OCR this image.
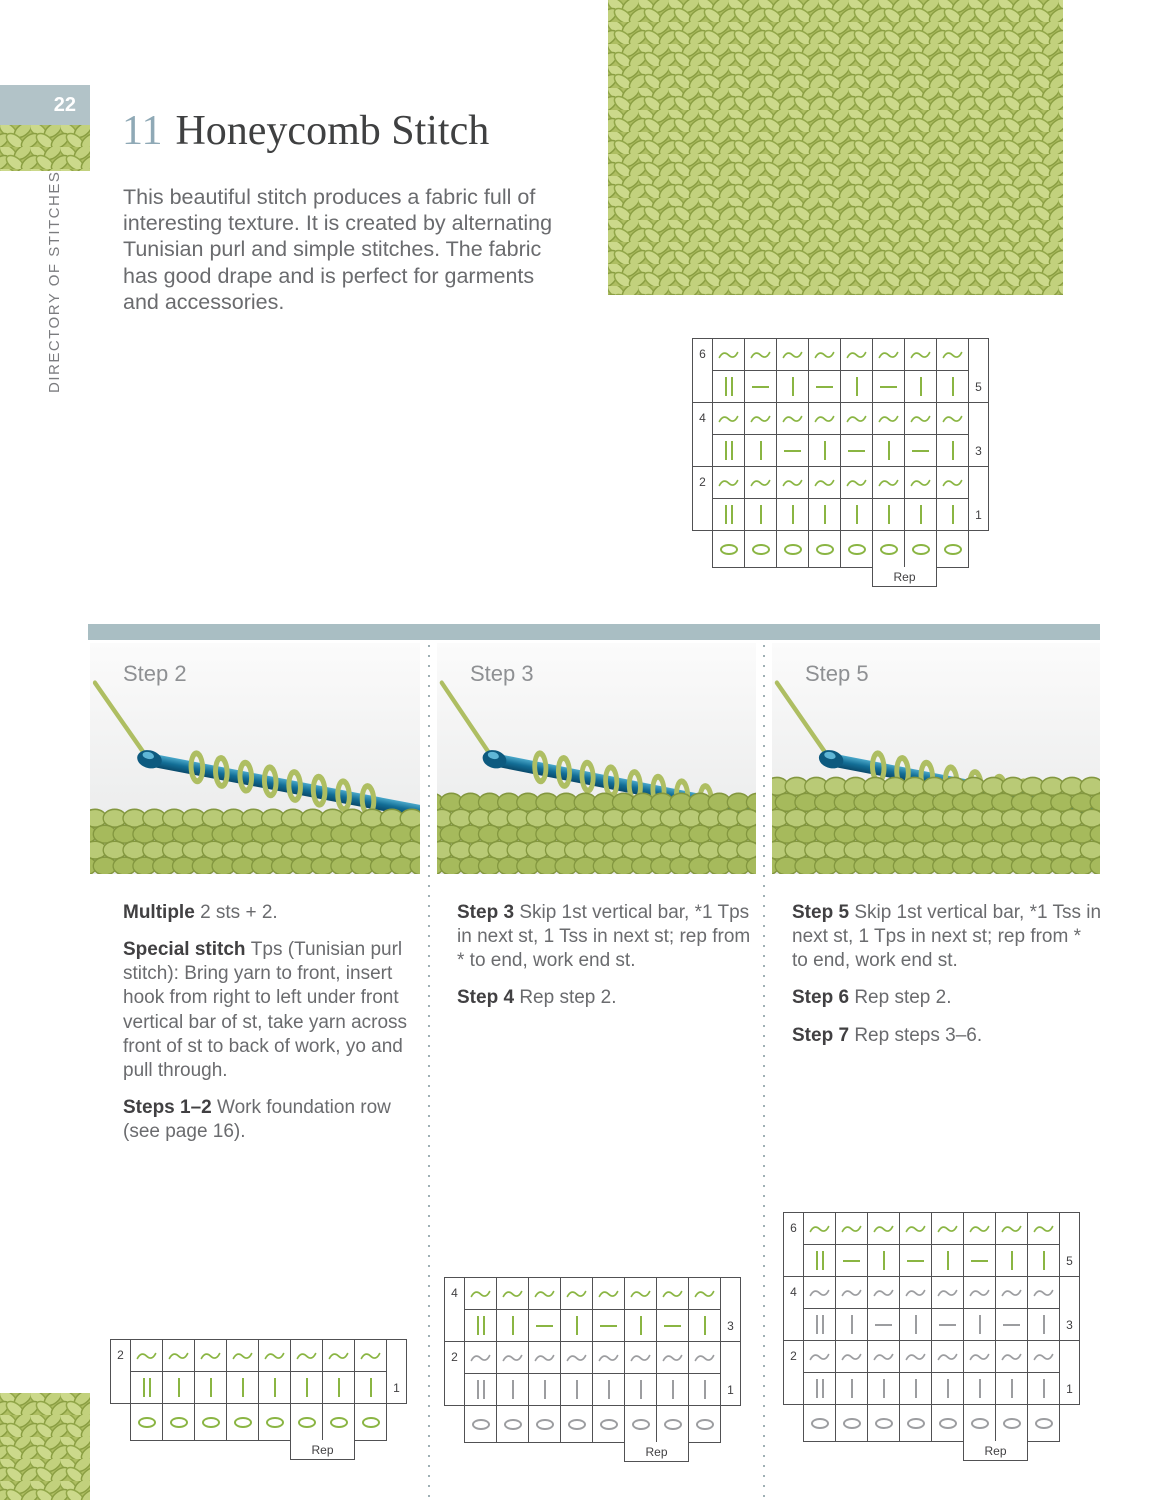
22
DIRECTORY OF STITCHES
11 Honeycomb Stitch

This beautiful stitch produces a fabric full of interesting texture. It is created by alternating Tunisian purl and simple stitches. The fabric has good drape and is perfect for garments and accessories.

6
5
4
3
2
1
Rep
Step 2	Step 3	Step 5

Multiple 2 sts + 2.

Special stitch Tps (Tunisian purl stitch): Bring yarn to front, insert hook from right to left under front vertical bar of st, take yarn across front of st to back of work, yo and pull through.

Steps 1–2 Work foundation row (see page 16).

Step 3 Skip 1st vertical bar, *1 Tps in next st, 1 Tss in next st; rep from * to end, work end st.

Step 4 Rep step 2.

Step 5 Skip 1st vertical bar, *1 Tss in next st, 1 Tps in next st; rep from * to end, work end st.

Step 6 Rep step 2.

Step 7 Rep steps 3–6.

2
1
Rep
4
3
2
1
Rep
6
5
4
3
2
1
Rep
